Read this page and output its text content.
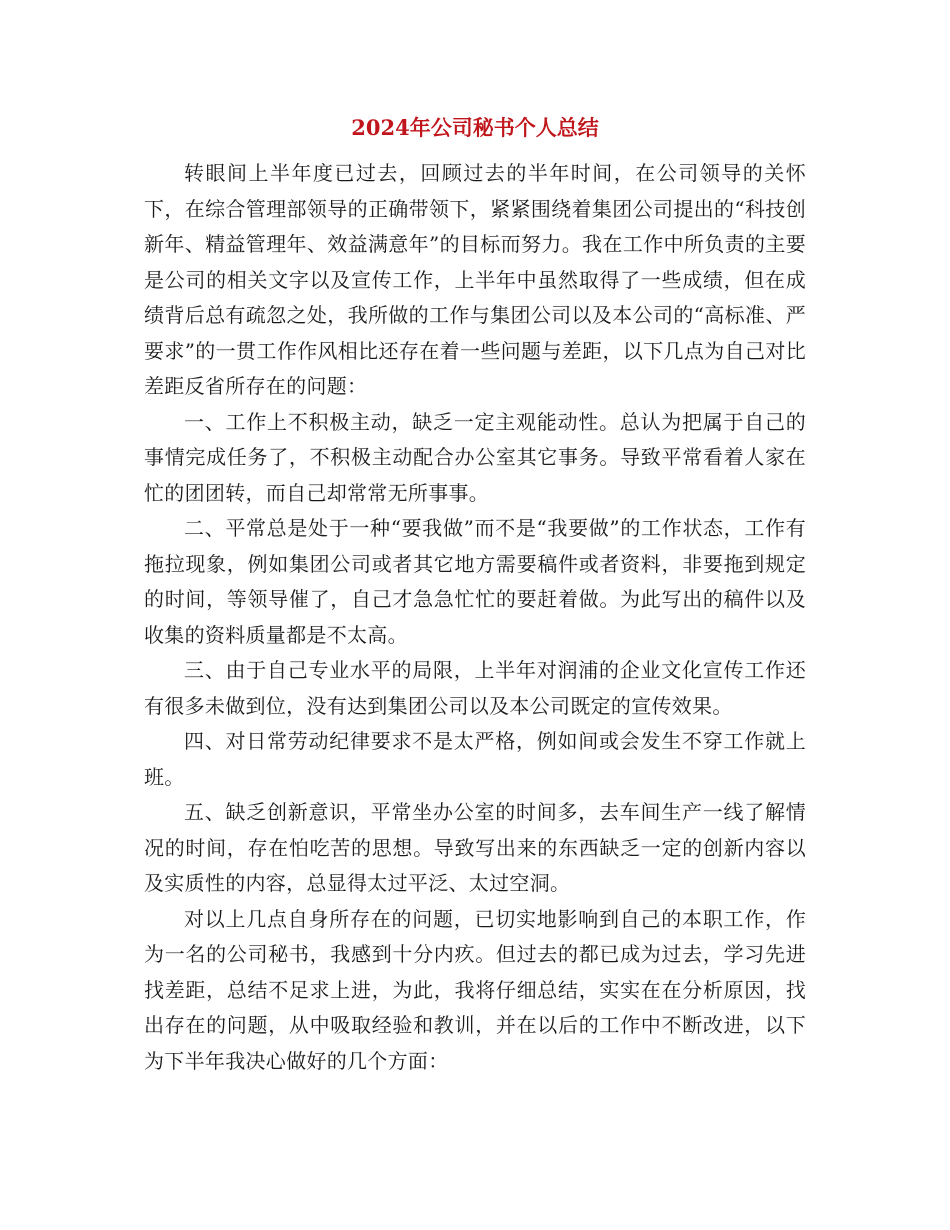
2024年公司秘书个人总结

转眼间上半年度已过去，回顾过去的半年时间，在公司领导的关怀下，在综合管理部领导的正确带领下，紧紧围绕着集团公司提出的“科技创新年、精益管理年、效益满意年”的目标而努力。我在工作中所负责的主要是公司的相关文字以及宣传工作，上半年中虽然取得了一些成绩，但在成绩背后总有疏忽之处，我所做的工作与集团公司以及本公司的“高标准、严要求”的一贯工作作风相比还存在着一些问题与差距，以下几点为自己对比差距反省所存在的问题：

一、工作上不积极主动，缺乏一定主观能动性。总认为把属于自己的事情完成任务了，不积极主动配合办公室其它事务。导致平常看着人家在忙的团团转，而自己却常常无所事事。

二、平常总是处于一种“要我做”而不是“我要做”的工作状态，工作有拖拉现象，例如集团公司或者其它地方需要稿件或者资料，非要拖到规定的时间，等领导催了，自己才急急忙忙的要赶着做。为此写出的稿件以及收集的资料质量都是不太高。

三、由于自己专业水平的局限，上半年对润浦的企业文化宣传工作还有很多未做到位，没有达到集团公司以及本公司既定的宣传效果。

四、对日常劳动纪律要求不是太严格，例如间或会发生不穿工作就上班。

五、缺乏创新意识，平常坐办公室的时间多，去车间生产一线了解情况的时间，存在怕吃苦的思想。导致写出来的东西缺乏一定的创新内容以及实质性的内容，总显得太过平泛、太过空洞。

对以上几点自身所存在的问题，已切实地影响到自己的本职工作，作为一名的公司秘书，我感到十分内疚。但过去的都已成为过去，学习先进找差距，总结不足求上进，为此，我将仔细总结，实实在在分析原因，找出存在的问题，从中吸取经验和教训，并在以后的工作中不断改进，以下为下半年我决心做好的几个方面：
